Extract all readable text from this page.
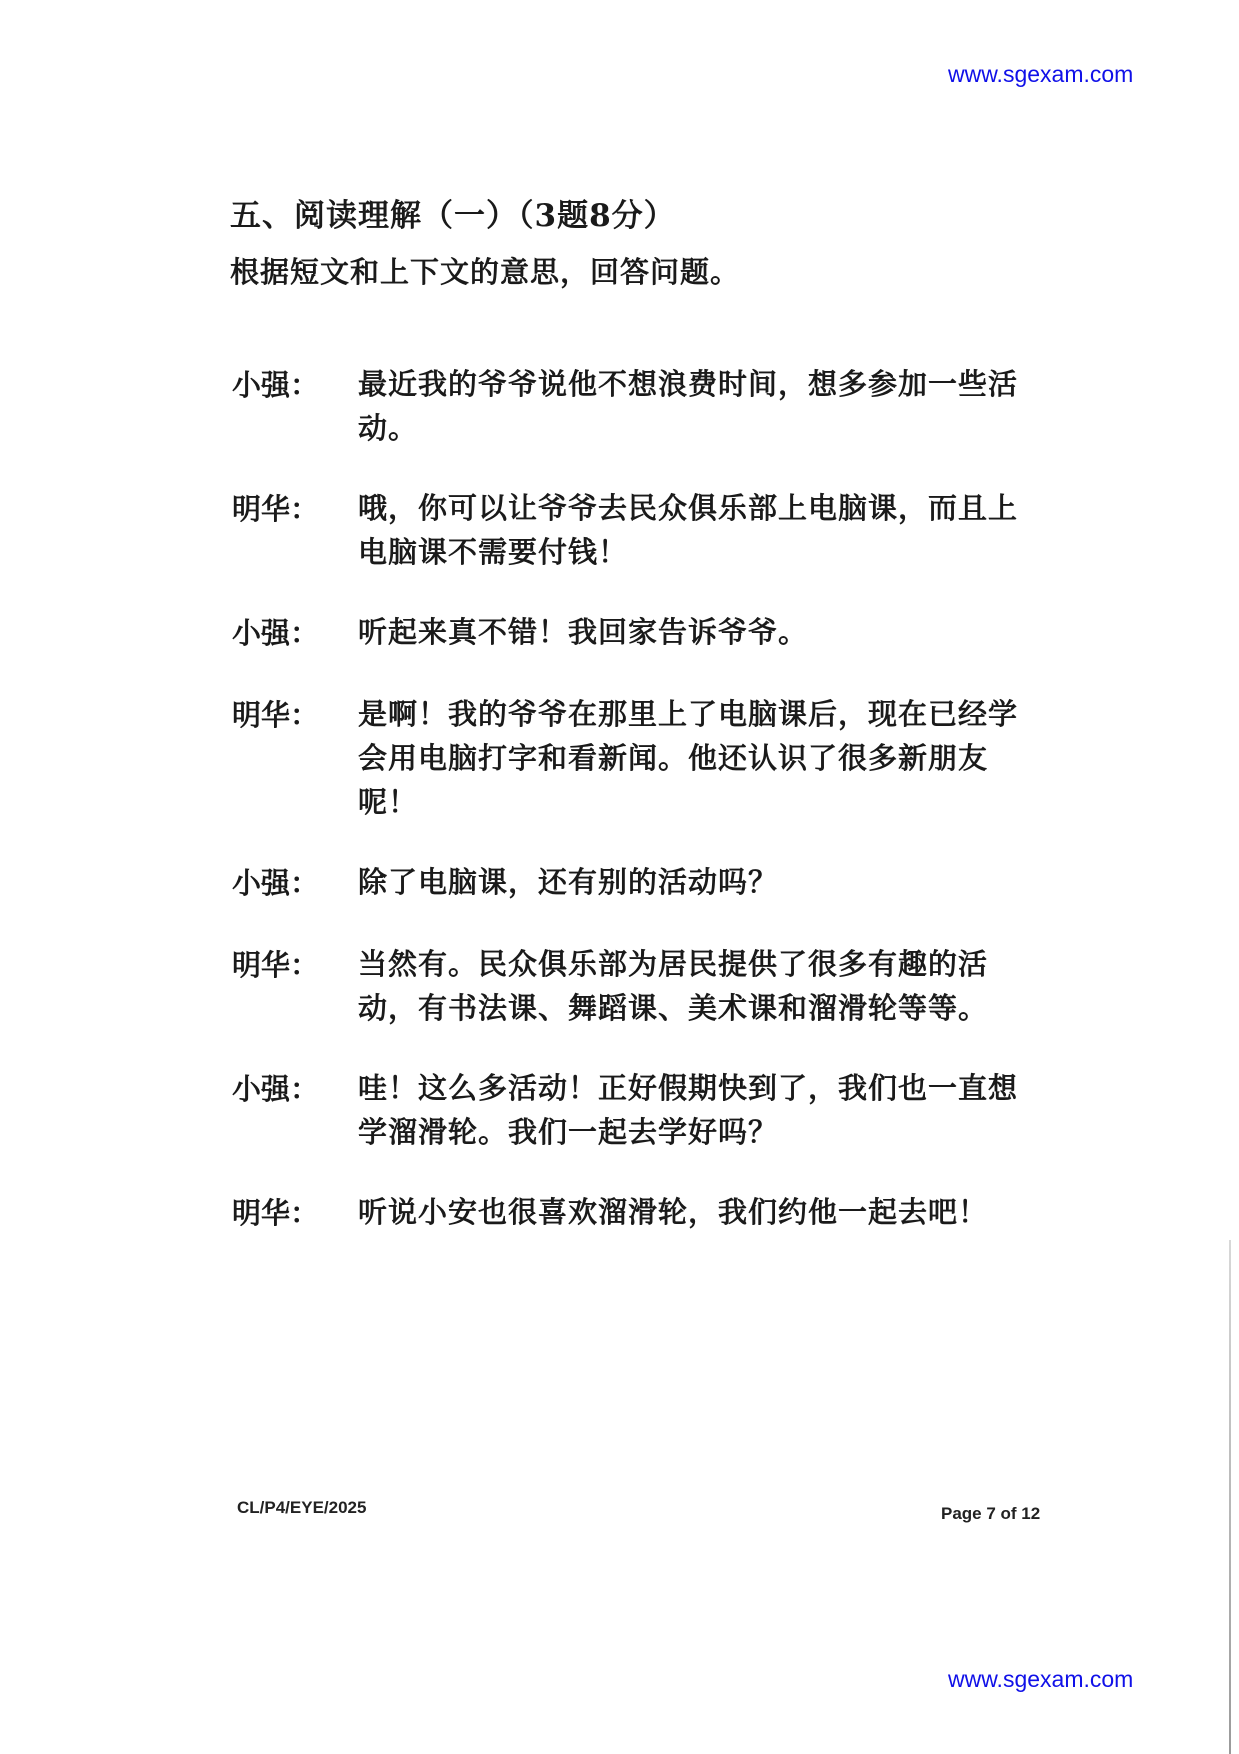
www.sgexam.com
五、阅读理解（一）（3题8分）
根据短文和上下文的意思，回答问题。
小强：	最近我的爷爷说他不想浪费时间，想多参加一些活动。
明华：	哦，你可以让爷爷去民众俱乐部上电脑课，而且上电脑课不需要付钱！
小强：	听起来真不错！我回家告诉爷爷。
明华：	是啊！我的爷爷在那里上了电脑课后，现在已经学会用电脑打字和看新闻。他还认识了很多新朋友呢！
小强：	除了电脑课，还有别的活动吗？
明华：	当然有。民众俱乐部为居民提供了很多有趣的活动，有书法课、舞蹈课、美术课和溜滑轮等等。
小强：	哇！这么多活动！正好假期快到了，我们也一直想学溜滑轮。我们一起去学好吗？
明华：	听说小安也很喜欢溜滑轮，我们约他一起去吧！
CL/P4/EYE/2025	Page 7 of 12
www.sgexam.com
